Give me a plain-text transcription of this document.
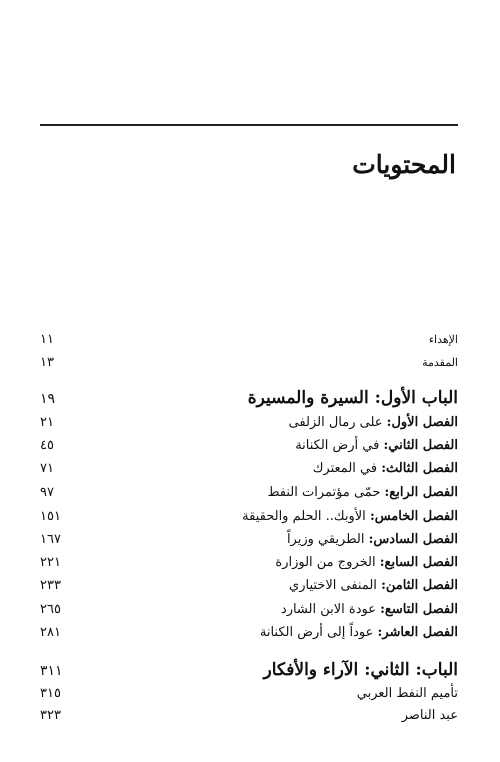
المحتويات
الإهداء
١١
المقدمة
١٣
الباب الأول: السيرة والمسيرة
١٩
الفصل الأول: على رمال الزلفى
٢١
الفصل الثاني: في أرض الكنانة
٤٥
الفصل الثالث: في المعترك
٧١
الفصل الرابع: حمّى مؤتمرات النفط
٩٧
الفصل الخامس: الأوبك.. الحلم والحقيقة
١٥١
الفصل السادس: الطريقي وزيراً
١٦٧
الفصل السابع: الخروج من الوزارة
٢٢١
الفصل الثامن: المنفى الاختياري
٢٣٣
الفصل التاسع: عودة الابن الشارد
٢٦٥
الفصل العاشر: عوداً إلى أرض الكنانة
٢٨١
الباب: الثاني: الآراء والأفكار
٣١١
تأميم النفط العربي
٣١٥
عبد الناصر
٣٢٣
